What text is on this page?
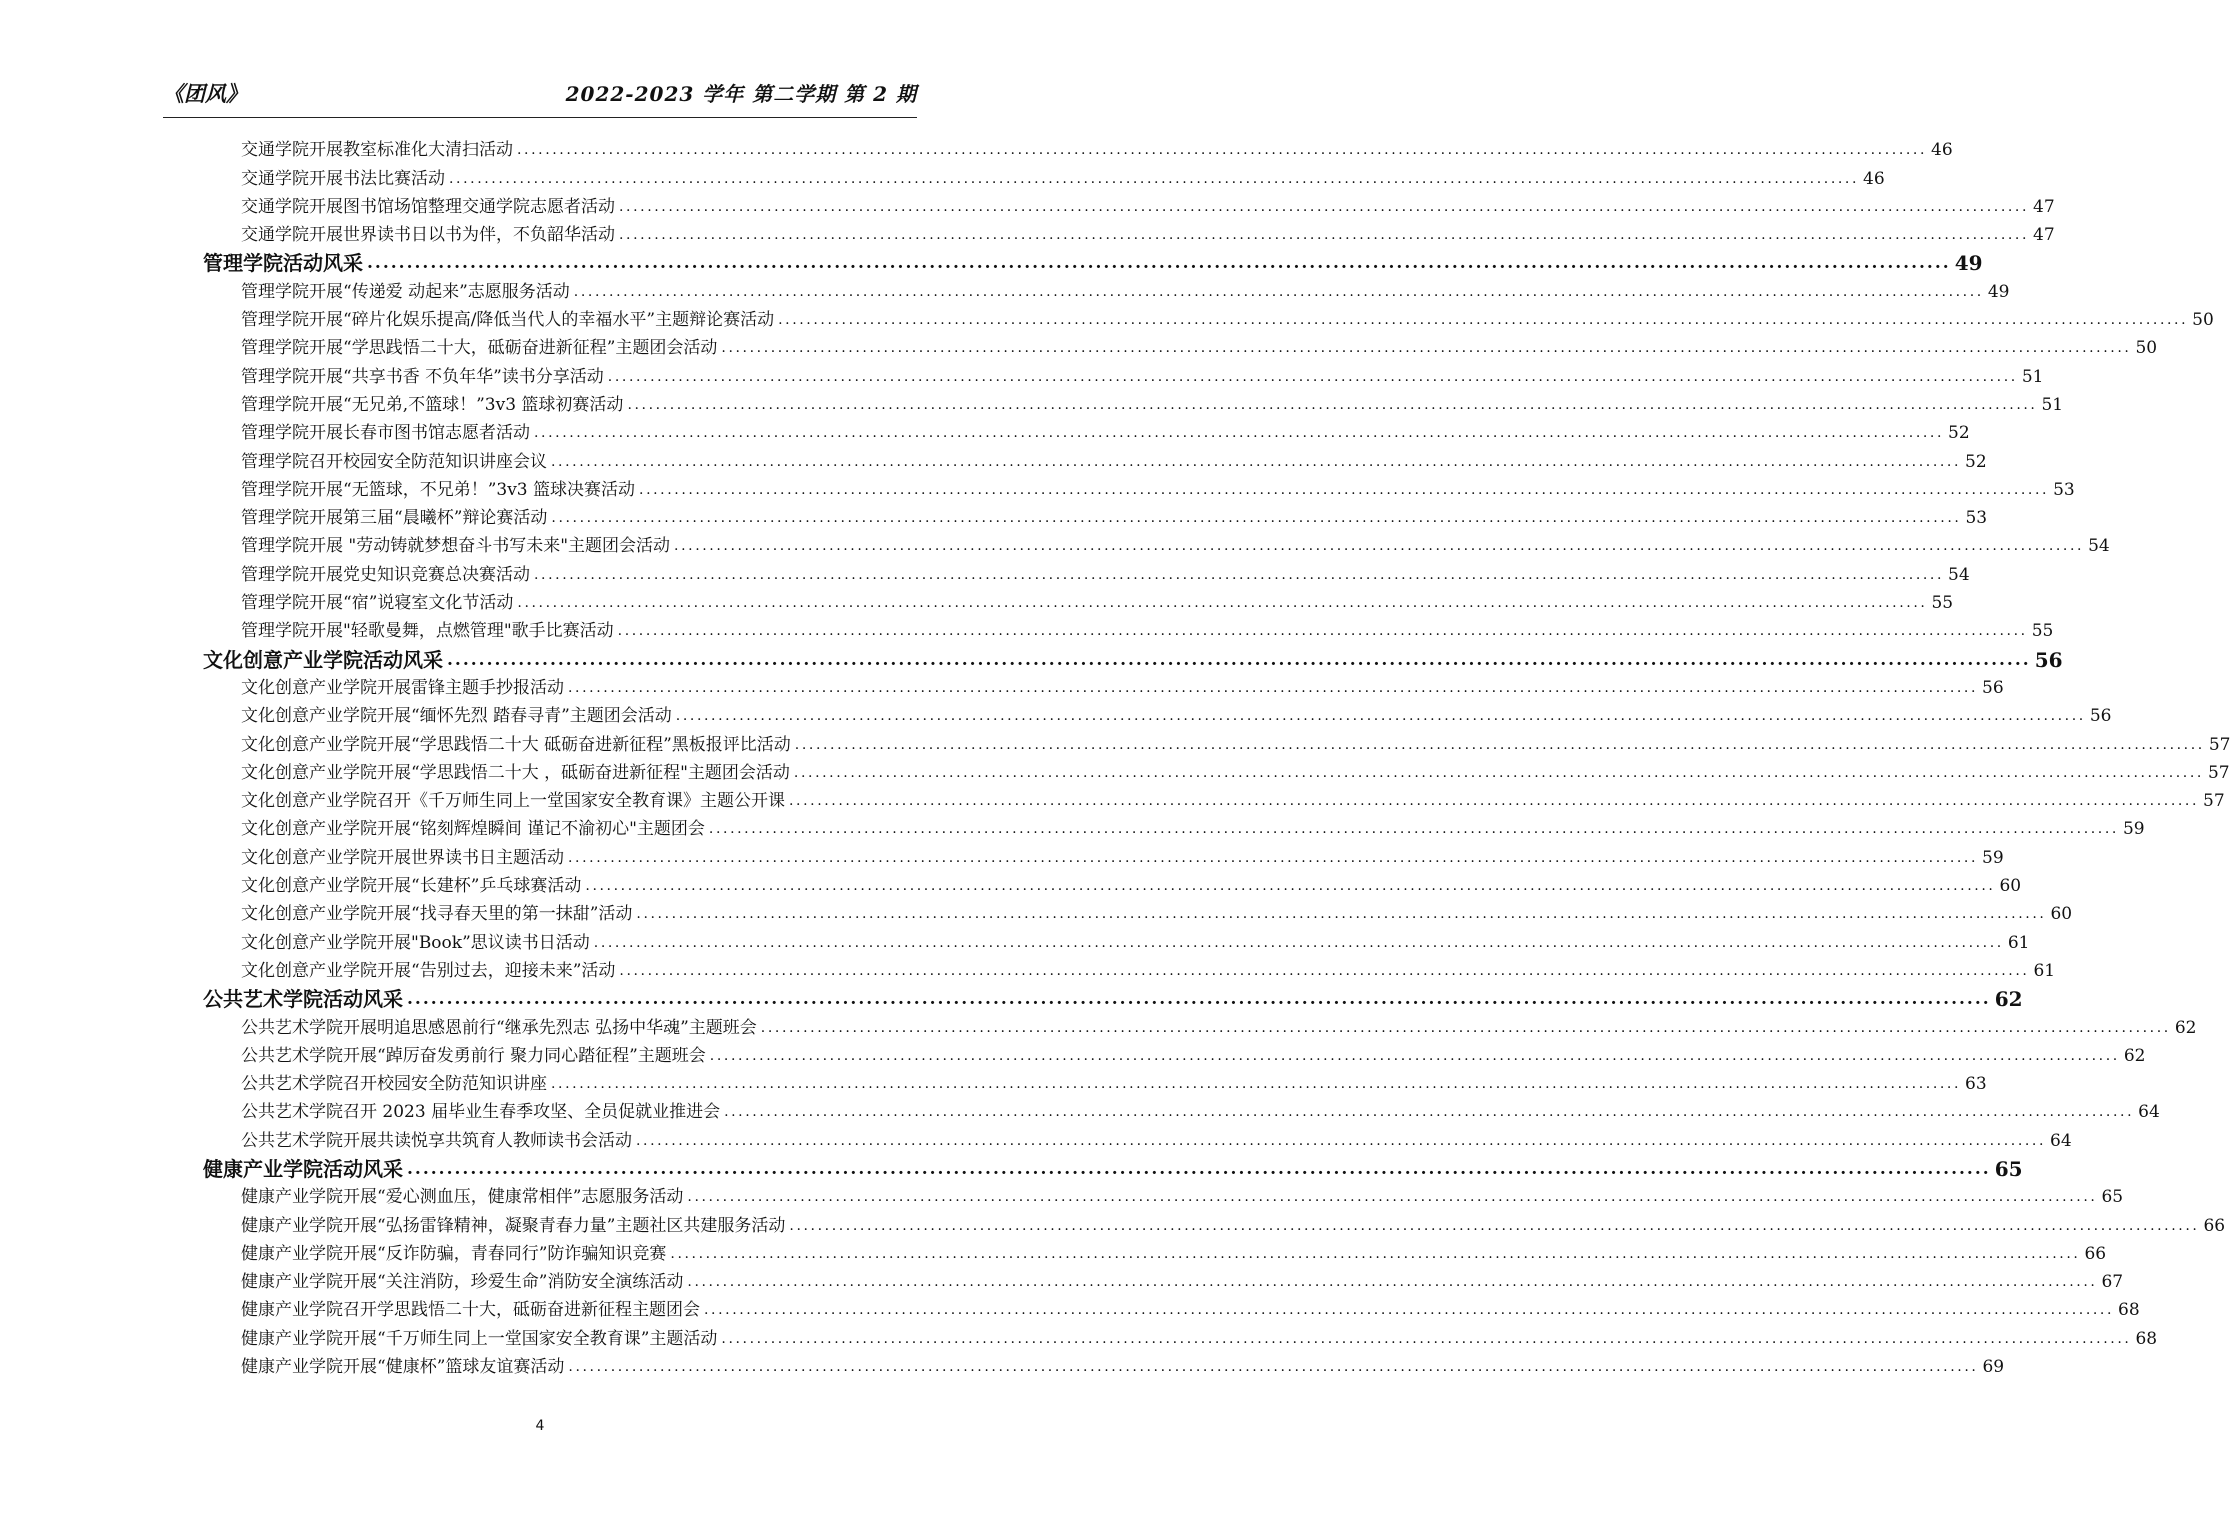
《团风》	2022-2023 学年 第二学期 第 2 期
交通学院开展教室标准化大清扫活动 ........................................................................................................................................................................................................ 46
交通学院开展书法比赛活动 ........................................................................................................................................................................................................ 46
交通学院开展图书馆场馆整理交通学院志愿者活动 ........................................................................................................................................................................................................ 47
交通学院开展世界读书日以书为伴，不负韶华活动 ........................................................................................................................................................................................................ 47
管理学院活动风采 ........................................................................................................................................................................................................ 49
管理学院开展“传递爱 动起来”志愿服务活动 ........................................................................................................................................................................................................ 49
管理学院开展“碎片化娱乐提高/降低当代人的幸福水平”主题辩论赛活动 ........................................................................................................................................................................................................ 50
管理学院开展“学思践悟二十大，砥砺奋进新征程”主题团会活动 ........................................................................................................................................................................................................ 50
管理学院开展“共享书香 不负年华”读书分享活动 ........................................................................................................................................................................................................ 51
管理学院开展“无兄弟,不篮球！”3v3 篮球初赛活动 ........................................................................................................................................................................................................ 51
管理学院开展长春市图书馆志愿者活动 ........................................................................................................................................................................................................ 52
管理学院召开校园安全防范知识讲座会议 ........................................................................................................................................................................................................ 52
管理学院开展“无篮球，不兄弟！”3v3 篮球决赛活动 ........................................................................................................................................................................................................ 53
管理学院开展第三届“晨曦杯”辩论赛活动 ........................................................................................................................................................................................................ 53
管理学院开展 "劳动铸就梦想奋斗书写未来"主题团会活动 ........................................................................................................................................................................................................ 54
管理学院开展党史知识竞赛总决赛活动 ........................................................................................................................................................................................................ 54
管理学院开展“宿”说寝室文化节活动 ........................................................................................................................................................................................................ 55
管理学院开展"轻歌曼舞，点燃管理"歌手比赛活动 ........................................................................................................................................................................................................ 55
文化创意产业学院活动风采 ........................................................................................................................................................................................................ 56
文化创意产业学院开展雷锋主题手抄报活动 ........................................................................................................................................................................................................ 56
文化创意产业学院开展“缅怀先烈 踏春寻青”主题团会活动 ........................................................................................................................................................................................................ 56
文化创意产业学院开展“学思践悟二十大 砥砺奋进新征程”黑板报评比活动 ........................................................................................................................................................................................................ 57
文化创意产业学院开展“学思践悟二十大 ，砥砺奋进新征程"主题团会活动 ........................................................................................................................................................................................................ 57
文化创意产业学院召开《千万师生同上一堂国家安全教育课》主题公开课 ........................................................................................................................................................................................................ 57
文化创意产业学院开展“铭刻辉煌瞬间 谨记不渝初心"主题团会 ........................................................................................................................................................................................................ 59
文化创意产业学院开展世界读书日主题活动 ........................................................................................................................................................................................................ 59
文化创意产业学院开展“长建杯”乒乓球赛活动 ........................................................................................................................................................................................................ 60
文化创意产业学院开展“找寻春天里的第一抹甜”活动 ........................................................................................................................................................................................................ 60
文化创意产业学院开展"Book”思议读书日活动 ........................................................................................................................................................................................................ 61
文化创意产业学院开展“告别过去，迎接未来”活动 ........................................................................................................................................................................................................ 61
公共艺术学院活动风采 ........................................................................................................................................................................................................ 62
公共艺术学院开展明追思感恩前行“继承先烈志 弘扬中华魂”主题班会 ........................................................................................................................................................................................................ 62
公共艺术学院开展“踔厉奋发勇前行 聚力同心踏征程”主题班会 ........................................................................................................................................................................................................ 62
公共艺术学院召开校园安全防范知识讲座 ........................................................................................................................................................................................................ 63
公共艺术学院召开 2023 届毕业生春季攻坚、全员促就业推进会 ........................................................................................................................................................................................................ 64
公共艺术学院开展共读悦享共筑育人教师读书会活动 ........................................................................................................................................................................................................ 64
健康产业学院活动风采 ........................................................................................................................................................................................................ 65
健康产业学院开展“爱心测血压，健康常相伴”志愿服务活动 ........................................................................................................................................................................................................ 65
健康产业学院开展“弘扬雷锋精神，凝聚青春力量”主题社区共建服务活动 ........................................................................................................................................................................................................ 66
健康产业学院开展“反诈防骗，青春同行”防诈骗知识竞赛 ........................................................................................................................................................................................................ 66
健康产业学院开展“关注消防，珍爱生命”消防安全演练活动 ........................................................................................................................................................................................................ 67
健康产业学院召开学思践悟二十大，砥砺奋进新征程主题团会 ........................................................................................................................................................................................................ 68
健康产业学院开展“千万师生同上一堂国家安全教育课”主题活动 ........................................................................................................................................................................................................ 68
健康产业学院开展“健康杯”篮球友谊赛活动 ........................................................................................................................................................................................................ 69
4
